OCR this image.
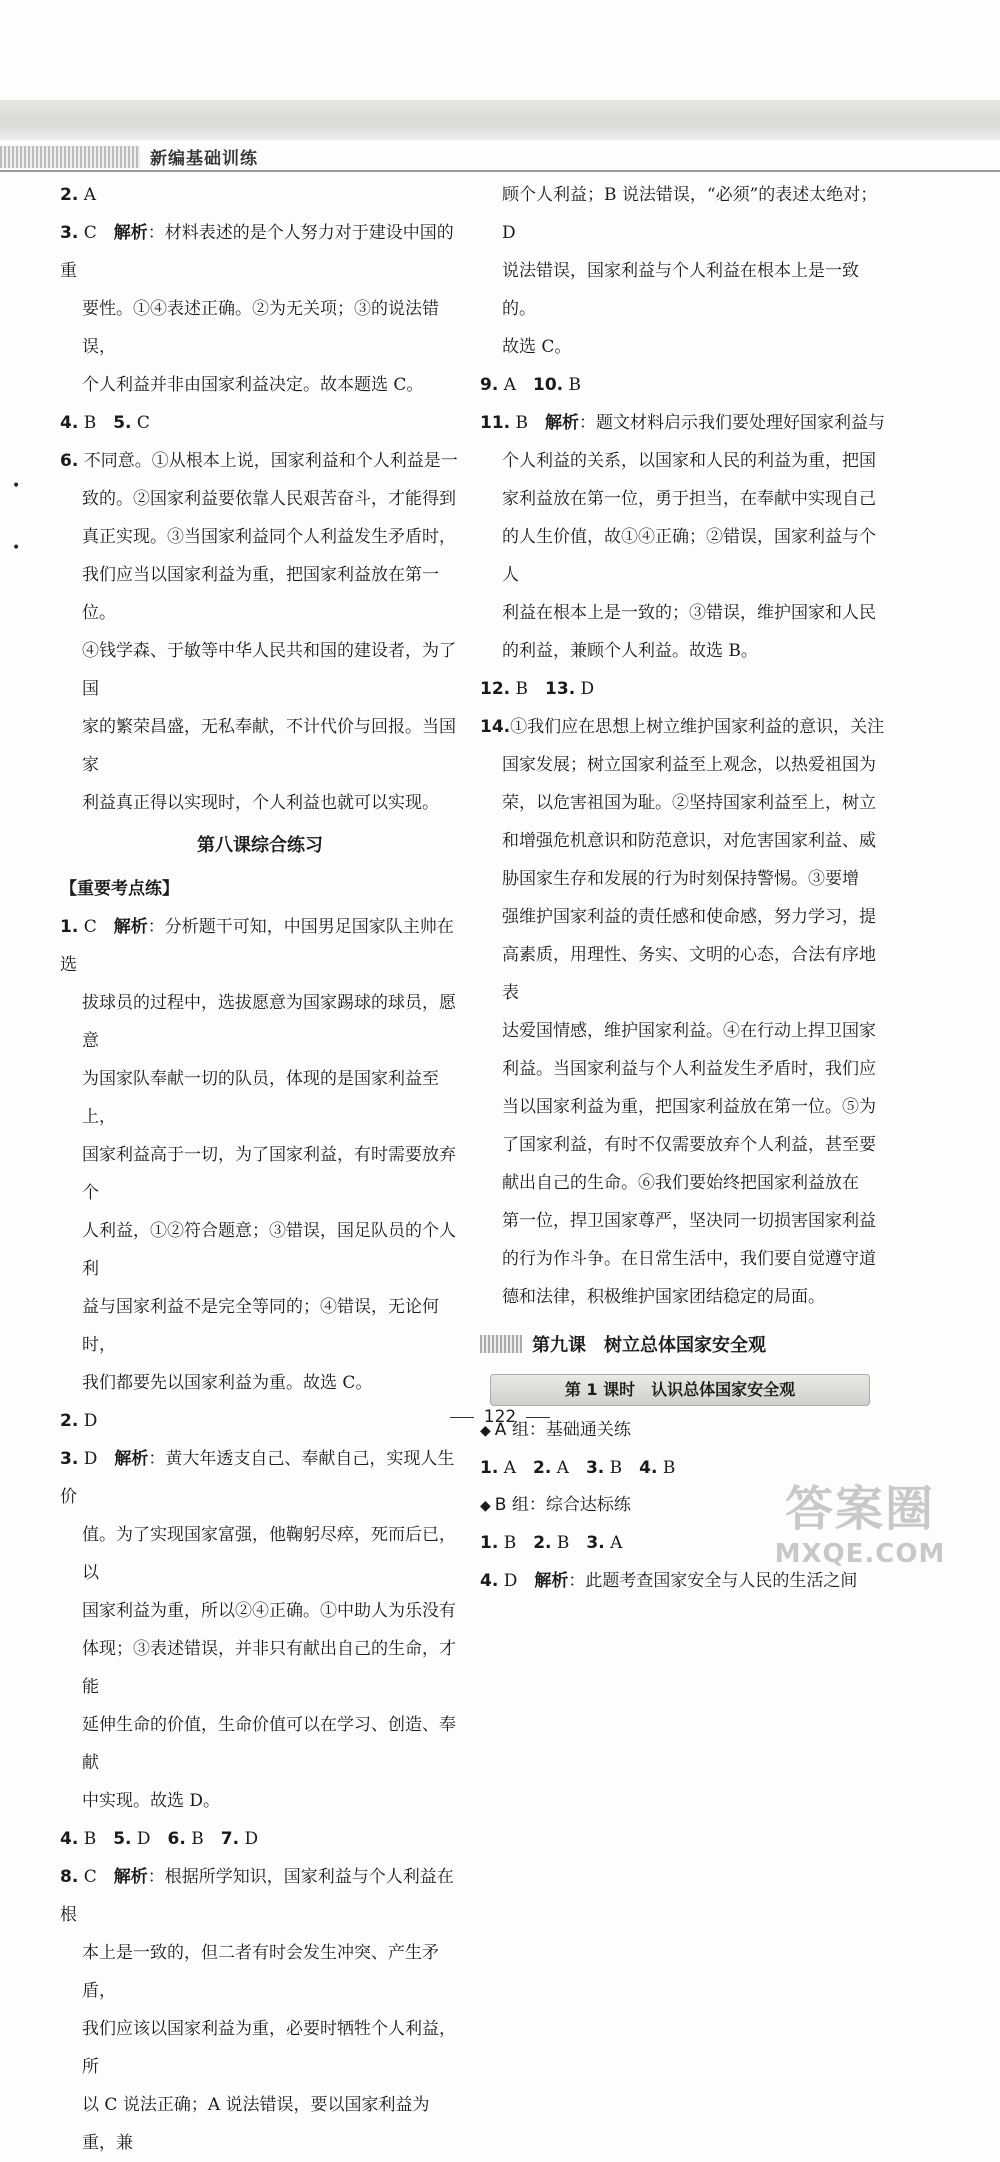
新编基础训练
•
•

2. A

3. C　解析：材料表述的是个人努力对于建设中国的重

要性。①④表述正确。②为无关项；③的说法错误，

个人利益并非由国家利益决定。故本题选 C。

4. B　5. C

6. 不同意。①从根本上说，国家利益和个人利益是一

致的。②国家利益要依靠人民艰苦奋斗，才能得到

真正实现。③当国家利益同个人利益发生矛盾时，

我们应当以国家利益为重，把国家利益放在第一位。

④钱学森、于敏等中华人民共和国的建设者，为了国

家的繁荣昌盛，无私奉献，不计代价与回报。当国家

利益真正得以实现时，个人利益也就可以实现。

第八课综合练习
【重要考点练】

1. C　解析：分析题干可知，中国男足国家队主帅在选

拔球员的过程中，选拔愿意为国家踢球的球员，愿意

为国家队奉献一切的队员，体现的是国家利益至上，

国家利益高于一切，为了国家利益，有时需要放弃个

人利益，①②符合题意；③错误，国足队员的个人利

益与国家利益不是完全等同的；④错误，无论何时，

我们都要先以国家利益为重。故选 C。

2. D

3. D　解析：黄大年透支自己、奉献自己，实现人生价

值。为了实现国家富强，他鞠躬尽瘁，死而后已，以

国家利益为重，所以②④正确。①中助人为乐没有

体现；③表述错误，并非只有献出自己的生命，才能

延伸生命的价值，生命价值可以在学习、创造、奉献

中实现。故选 D。

4. B　5. D　6. B　7. D

8. C　解析：根据所学知识，国家利益与个人利益在根

本上是一致的，但二者有时会发生冲突、产生矛盾，

我们应该以国家利益为重，必要时牺牲个人利益，所

以 C 说法正确；A 说法错误，要以国家利益为重，兼

顾个人利益；B 说法错误，“必须”的表述太绝对；D

说法错误，国家利益与个人利益在根本上是一致的。

故选 C。

9. A　10. B

11. B　解析：题文材料启示我们要处理好国家利益与

个人利益的关系，以国家和人民的利益为重，把国

家利益放在第一位，勇于担当，在奉献中实现自己

的人生价值，故①④正确；②错误，国家利益与个人

利益在根本上是一致的；③错误，维护国家和人民

的利益，兼顾个人利益。故选 B。

12. B　13. D

14.①我们应在思想上树立维护国家利益的意识，关注

国家发展；树立国家利益至上观念，以热爱祖国为

荣，以危害祖国为耻。②坚持国家利益至上，树立

和增强危机意识和防范意识，对危害国家利益、威

胁国家生存和发展的行为时刻保持警惕。③要增

强维护国家利益的责任感和使命感，努力学习，提

高素质，用理性、务实、文明的心态，合法有序地表

达爱国情感，维护国家利益。④在行动上捍卫国家

利益。当国家利益与个人利益发生矛盾时，我们应

当以国家利益为重，把国家利益放在第一位。⑤为

了国家利益，有时不仅需要放弃个人利益，甚至要

献出自己的生命。⑥我们要始终把国家利益放在

第一位，捍卫国家尊严，坚决同一切损害国家利益

的行为作斗争。在日常生活中，我们要自觉遵守道

德和法律，积极维护国家团结稳定的局面。

第九课　树立总体国家安全观
第 1 课时　认识总体国家安全观
◆ A 组：基础通关练

1. A　2. A　3. B　4. B

◆ B 组：综合达标练

1. B　2. B　3. A

4. D　解析：此题考查国家安全与人民的生活之间

122
答案圈
MXQE.COM
